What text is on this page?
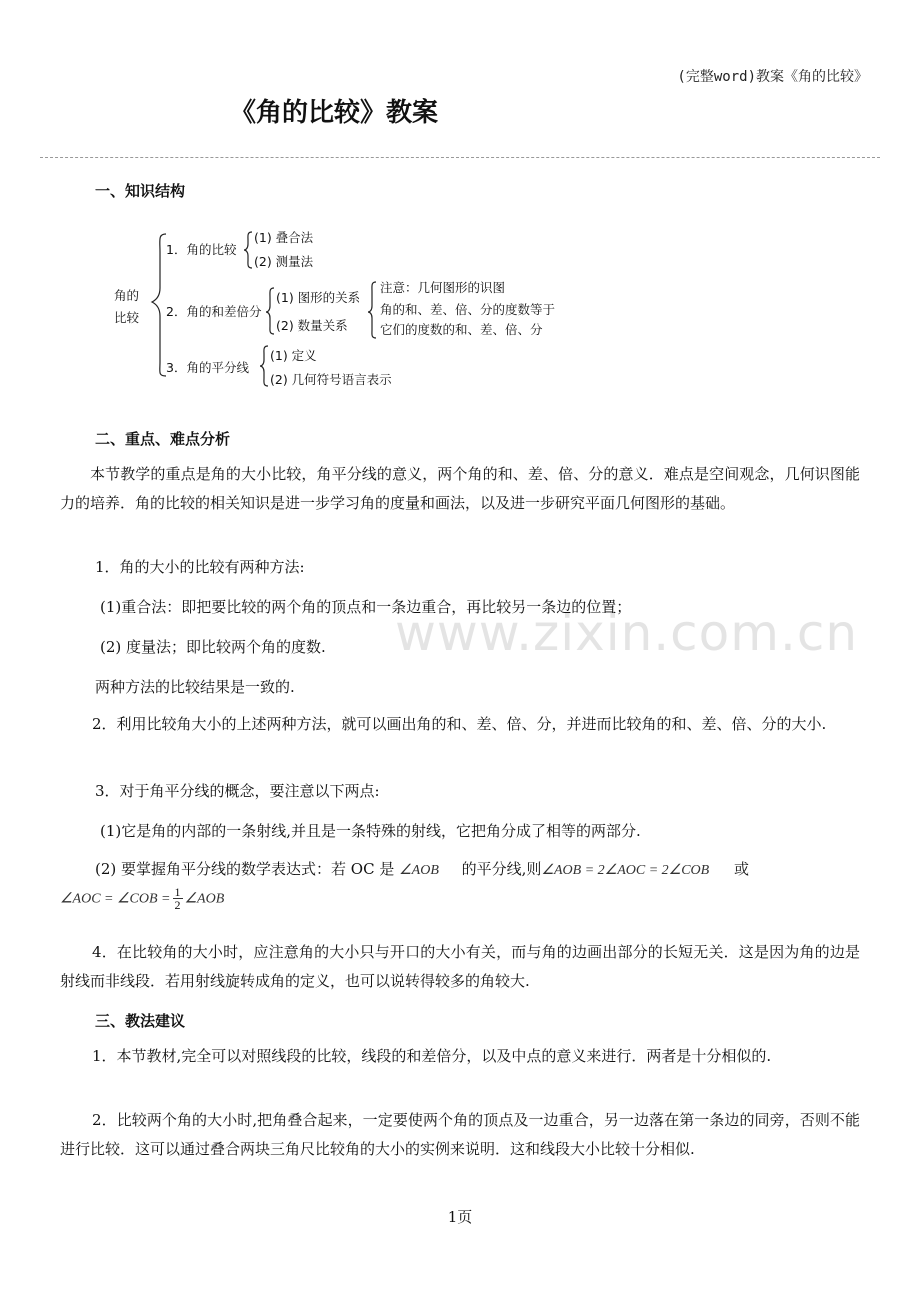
(完整word)教案《角的比较》
《角的比较》教案
www.zixin.com.cn
一、知识结构
角的
比较
1．角的比较
(1) 叠合法
(2) 测量法
2．角的和差倍分
(1) 图形的关系
(2) 数量关系
注意：几何图形的识图
角的和、差、倍、分的度数等于
它们的度数的和、差、倍、分
3．角的平分线
(1) 定义
(2) 几何符号语言表示
二、重点、难点分析
本节教学的重点是角的大小比较，角平分线的意义，两个角的和、差、倍、分的意义．难点是空间观念，几何识图能力的培养．角的比较的相关知识是进一步学习角的度量和画法，以及进一步研究平面几何图形的基础。
1．角的大小的比较有两种方法:
(1)重合法：即把要比较的两个角的顶点和一条边重合，再比较另一条边的位置；
(2) 度量法；即比较两个角的度数.
两种方法的比较结果是一致的.
2．利用比较角大小的上述两种方法，就可以画出角的和、差、倍、分，并进而比较角的和、差、倍、分的大小.
3．对于角平分线的概念，要注意以下两点:
(1)它是角的内部的一条射线,并且是一条特殊的射线，它把角分成了相等的两部分.
(2) 要掌握角平分线的数学表达式：若 OC 是 ∠AOB 的平分线,则∠AOB = 2∠AOC = 2∠COB 或
∠AOC = ∠COB = $\frac{1}{2}$ ∠AOB
4．在比较角的大小时，应注意角的大小只与开口的大小有关，而与角的边画出部分的长短无关．这是因为角的边是射线而非线段．若用射线旋转成角的定义，也可以说转得较多的角较大.
三、教法建议
1．本节教材,完全可以对照线段的比较，线段的和差倍分，以及中点的意义来进行．两者是十分相似的.
2．比较两个角的大小时,把角叠合起来，一定要使两个角的顶点及一边重合，另一边落在第一条边的同旁，否则不能进行比较．这可以通过叠合两块三角尺比较角的大小的实例来说明．这和线段大小比较十分相似.
1页
